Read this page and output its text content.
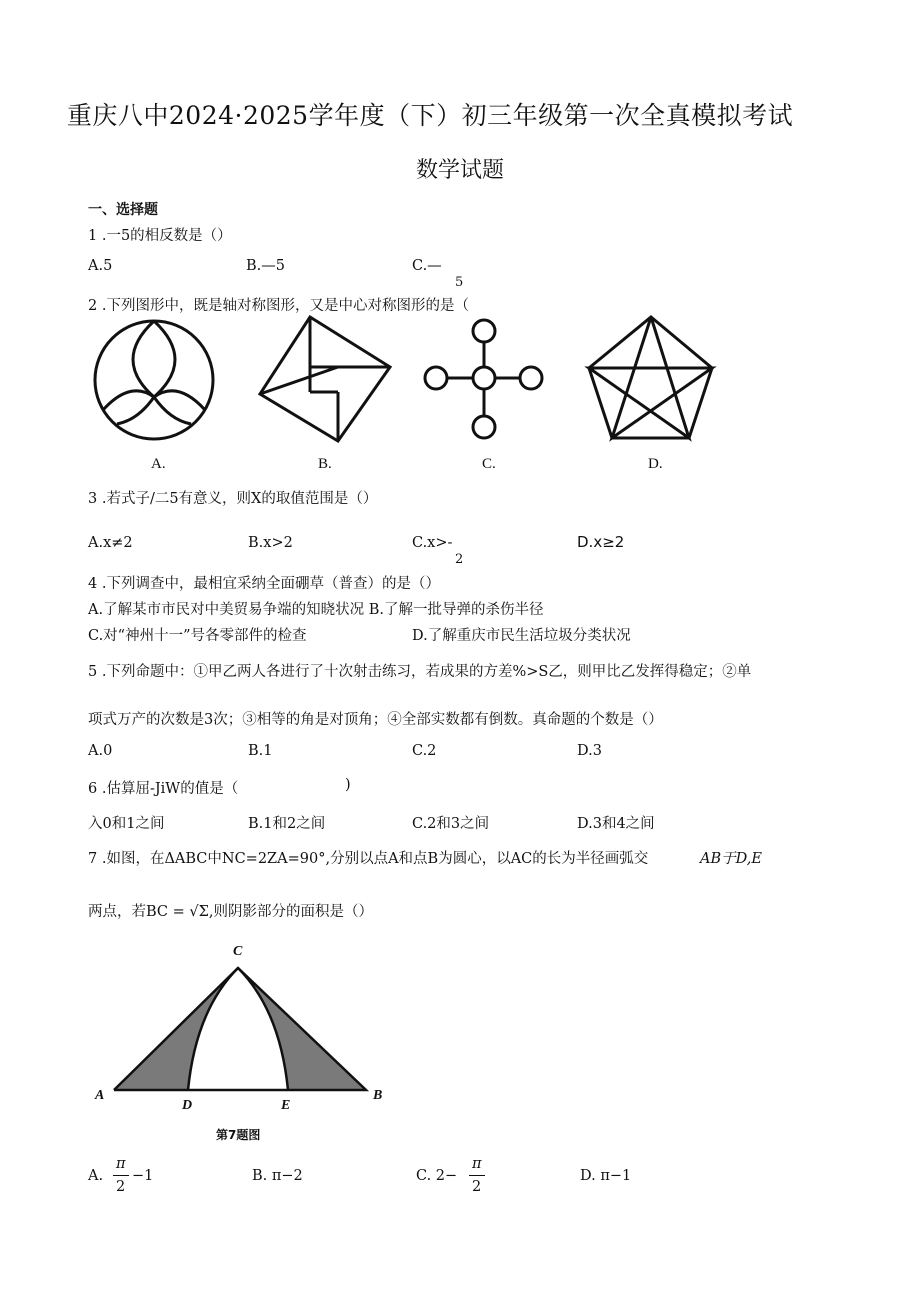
重庆八中2024·2025学年度（下）初三年级第一次全真模拟考试
数学试题
一、选择题
1 .一5的相反数是（）
A.5	B.—5	C.—
5
2 .下列图形中，既是轴对称图形，又是中心对称图形的是（
A.	B.	C.	D.
3 .若式子/二5有意义，则X的取值范围是（）
A.x≠2	B.x>2	C.x>-
2
D.x≥2
4 .下列调查中，最相宜采纳全面硼草（普查）的是（）
A.了解某市市民对中美贸易争端的知晓状况 B.了解一批导弹的杀伤半径
C.对“神州十一”号各零部件的检查	D.了解重庆市民生活垃圾分类状况
5 .下列命题中：①甲乙两人各进行了十次射击练习，若成果的方差%>S乙，则甲比乙发挥得稳定；②单
项式万产的次数是3次；③相等的角是对顶角；④全部实数都有倒数。真命题的个数是（）
A.0	B.1	C.2	D.3
6 .估算屈-JiW的值是（	)
入0和1之间	B.1和2之间	C.2和3之间	D.3和4之间
7 .如图，在ΔABC中NC=2ZA=90°,分别以点A和点B为圆心，以AC的长为半径画弧交	AB于D,E
两点，若BC = √Σ,则阴影部分的面积是（）
C
A
D	E
B
第7题图
A.
π
2
−1	B. π−2	C. 2−
π
2
D. π−1
